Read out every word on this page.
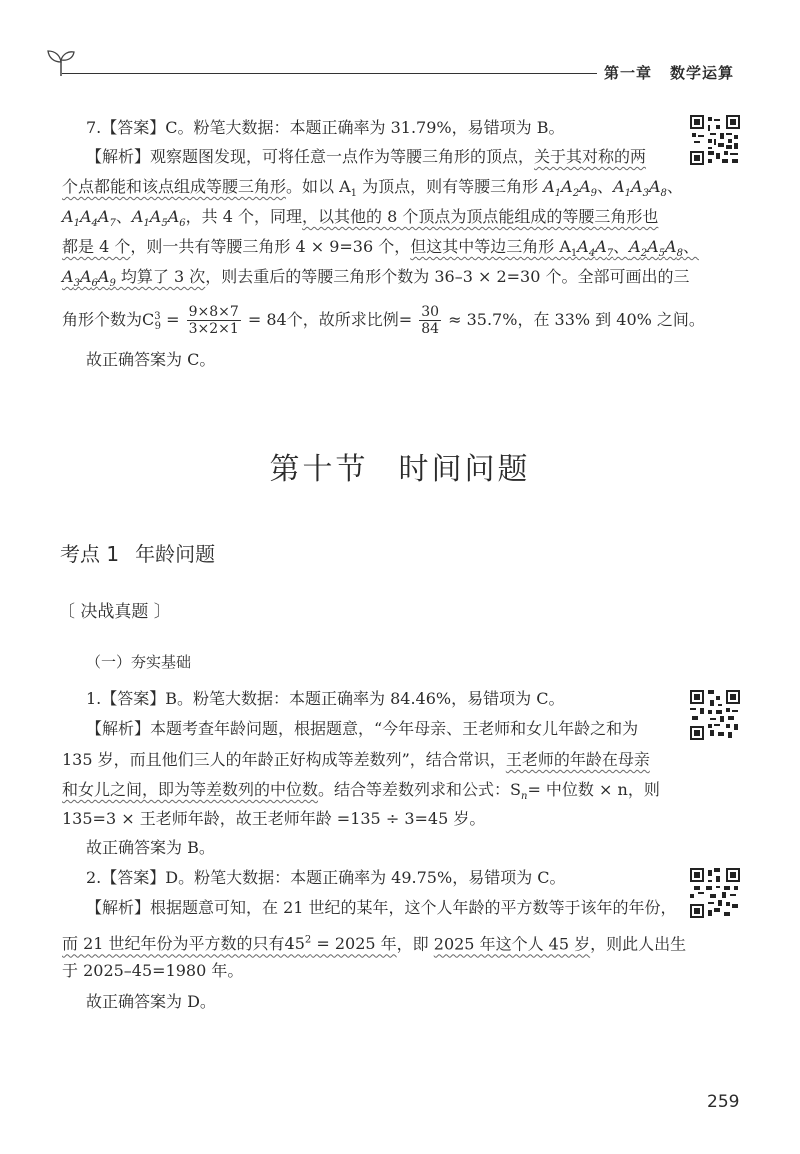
第一章 数学运算
7.【答案】C。粉笔大数据：本题正确率为 31.79%，易错项为 B。
【解析】观察题图发现，可将任意一点作为等腰三角形的顶点，关于其对称的两
个点都能和该点组成等腰三角形。如以 $A_1$ 为顶点，则有等腰三角形 $A_1A_2A_9$、$A_1A_3A_8$、
$A_1A_4A_7$、$A_1A_5A_6$，共 4 个，同理，以其他的 8 个顶点为顶点能组成的等腰三角形也
都是 4 个，则一共有等腰三角形 4 × 9=36 个，但这其中等边三角形 $A_1A_4A_7$、$A_2A_5A_8$、
$A_3A_6A_9$ 均算了 3 次，则去重后的等腰三角形个数为 36–3 × 2=30 个。全部可画出的三
角形个数为$C^3_9 = \frac{9\times 8\times 7}{3\times 2\times 1} = 84$个，故所求比例= $\frac{30}{84} \approx 35.7\%$，在 33% 到 40% 之间。
故正确答案为 C。
第十节 时间问题
考点 1 年龄问题
〔 决战真题 〕
（一）夯实基础
1.【答案】B。粉笔大数据：本题正确率为 84.46%，易错项为 C。
【解析】本题考查年龄问题，根据题意，“今年母亲、王老师和女儿年龄之和为
135 岁，而且他们三人的年龄正好构成等差数列”，结合常识，王老师的年龄在母亲
和女儿之间，即为等差数列的中位数。结合等差数列求和公式：$S_n=$ 中位数 × n，则
135=3 × 王老师年龄，故王老师年龄 =135 ÷ 3=45 岁。
故正确答案为 B。
2.【答案】D。粉笔大数据：本题正确率为 49.75%，易错项为 C。
【解析】根据题意可知，在 21 世纪的某年，这个人年龄的平方数等于该年的年份，
而 21 世纪年份为平方数的只有$45^2 = 2025$ 年，即 2025 年这个人 45 岁，则此人出生
于 2025–45=1980 年。
故正确答案为 D。
259
